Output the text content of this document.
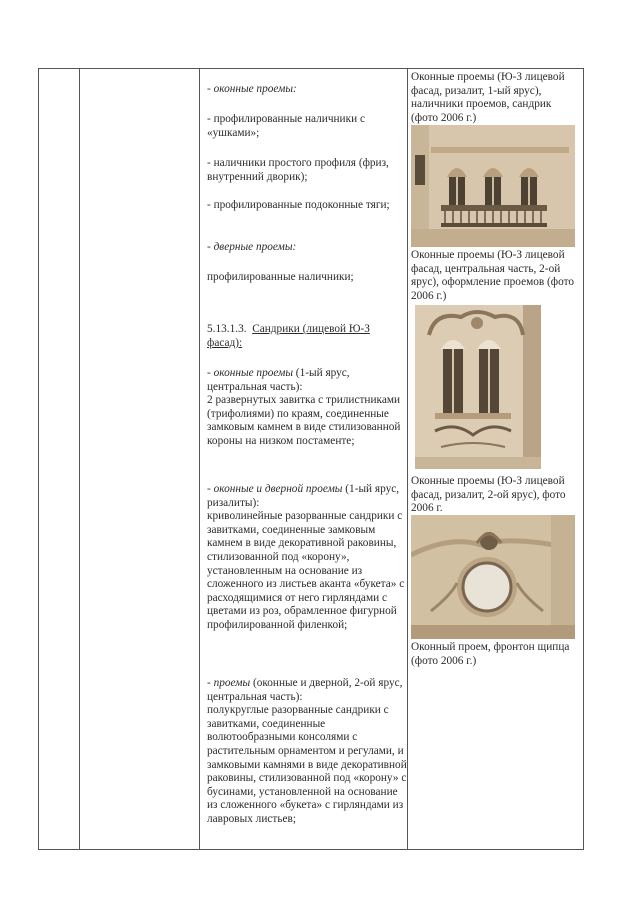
- оконные проемы:
- профилированные наличники с «ушками»;
- наличники простого профиля (фриз, внутренний дворик);
- профилированные подоконные тяги;
- дверные проемы:
профилированные наличники;
5.13.1.3. Сандрики (лицевой Ю-З фасад):
- оконные проемы (1-ый ярус, центральная часть):
2 развернутых завитка с трилистниками (трифолиями) по краям, соединенные замковым камнем в виде стилизованной короны на низком постаменте;
- оконные и дверной проемы (1-ый ярус, ризалиты):
криволинейные разорванные сандрики с завитками, соединенные замковым камнем в виде декоративной раковины, стилизованной под «корону», установленным на основание из сложенного из листьев аканта «букета» с расходящимися от него гирляндами с цветами из роз, обрамленное фигурной профилированной филенкой;
- проемы (оконные и дверной, 2-ой ярус, центральная часть):
полукруглые разорванные сандрики с завитками, соединенные волютообразными консолями с растительным орнаментом и регулами, и замковыми камнями в виде декоративной раковины, стилизованной под «корону» с бусинами, установленной на основание из сложенного «букета» с гирляндами из лавровых листьев;
Оконные проемы (Ю-З лицевой фасад, ризалит, 1-ый ярус), наличники проемов, сандрик (фото 2006 г.)
Оконные проемы (Ю-З лицевой фасад, центральная часть, 2-ой ярус), оформление проемов (фото 2006 г.)
Оконные проемы (Ю-З лицевой фасад, ризалит, 2-ой ярус), фото 2006 г.
Оконный проем, фронтон щипца (фото 2006 г.)
